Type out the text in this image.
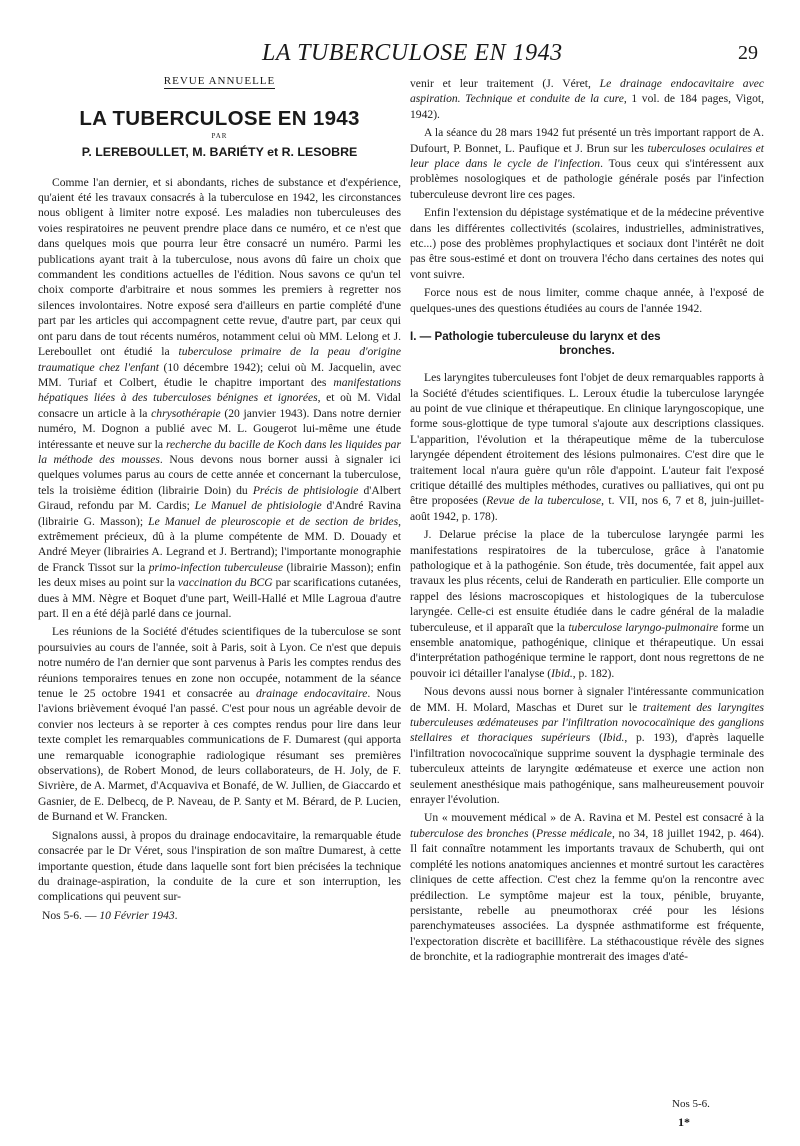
LA TUBERCULOSE EN 1943	29
REVUE ANNUELLE
LA TUBERCULOSE EN 1943
PAR
P. LEREBOULLET, M. BARIÉTY et R. LESOBRE

Comme l'an dernier, et si abondants, riches de substance et d'expérience, qu'aient été les travaux consacrés à la tuberculose en 1942, les circonstances nous obligent à limiter notre exposé. Les maladies non tuberculeuses des voies respiratoires ne peuvent prendre place dans ce numéro, et ce n'est que dans quelques mois que pourra leur être consacré un numéro. Parmi les publications ayant trait à la tuberculose, nous avons dû faire un choix que commandent les conditions actuelles de l'édition. Nous savons ce qu'un tel choix comporte d'arbitraire et nous sommes les premiers à regretter nos silences involontaires. Notre exposé sera d'ailleurs en partie complété d'une part par les articles qui accompagnent cette revue, d'autre part, par ceux qui ont paru dans de tout récents numéros, notamment celui où MM. Lelong et J. Lereboullet ont étudié la tuberculose primaire de la peau d'origine traumatique chez l'enfant (10 décembre 1942); celui où M. Jacquelin, avec MM. Turiaf et Colbert, étudie le chapitre important des manifestations hépatiques liées à des tuberculoses bénignes et ignorées, et où M. Vidal consacre un article à la chrysothérapie (20 janvier 1943). Dans notre dernier numéro, M. Dognon a publié avec M. L. Gougerot lui-même une étude intéressante et neuve sur la recherche du bacille de Koch dans les liquides par la méthode des mousses. Nous devons nous borner aussi à signaler ici quelques volumes parus au cours de cette année et concernant la tuberculose, tels la troisième édition (librairie Doin) du Précis de phtisiologie d'Albert Giraud, refondu par M. Cardis; Le Manuel de phtisiologie d'André Ravina (librairie G. Masson); Le Manuel de pleuroscopie et de section de brides, extrêmement précieux, dû à la plume compétente de MM. D. Douady et André Meyer (librairies A. Legrand et J. Bertrand); l'importante monographie de Franck Tissot sur la primo-infection tuberculeuse (librairie Masson); enfin les deux mises au point sur la vaccination du BCG par scarifications cutanées, dues à MM. Nègre et Boquet d'une part, Weill-Hallé et Mlle Lagroua d'autre part. Il en a été déjà parlé dans ce journal.

Les réunions de la Société d'études scientifiques de la tuberculose se sont poursuivies au cours de l'année, soit à Paris, soit à Lyon. Ce n'est que depuis notre numéro de l'an dernier que sont parvenus à Paris les comptes rendus des réunions temporaires tenues en zone non occupée, notamment de la séance tenue le 25 octobre 1941 et consacrée au drainage endocavitaire. Nous l'avions brièvement évoqué l'an passé. C'est pour nous un agréable devoir de convier nos lecteurs à se reporter à ces comptes rendus pour lire dans leur texte complet les remarquables communications de F. Dumarest (qui apporta une remarquable iconographie radiologique résumant ses premières observations), de Robert Monod, de leurs collaborateurs, de H. Joly, de F. Sivrière, de A. Marmet, d'Acquaviva et Bonafé, de W. Jullien, de Giaccardo et Gasnier, de E. Delbecq, de P. Naveau, de P. Santy et M. Bérard, de P. Lucien, de Burnand et W. Francken.

Signalons aussi, à propos du drainage endocavitaire, la remarquable étude consacrée par le Dr Véret, sous l'inspiration de son maître Dumarest, à cette importante question, étude dans laquelle sont fort bien précisées la technique du drainage-aspiration, la conduite de la cure et son interruption, les complications qui peuvent sur-

Nos 5-6. — 10 Février 1943.

venir et leur traitement (J. Véret, Le drainage endocavitaire avec aspiration. Technique et conduite de la cure, 1 vol. de 184 pages, Vigot, 1942).

A la séance du 28 mars 1942 fut présenté un très important rapport de A. Dufourt, P. Bonnet, L. Paufique et J. Brun sur les tuberculoses oculaires et leur place dans le cycle de l'infection. Tous ceux qui s'intéressent aux problèmes nosologiques et de pathologie générale posés par l'infection tuberculeuse devront lire ces pages.

Enfin l'extension du dépistage systématique et de la médecine préventive dans les différentes collectivités (scolaires, industrielles, administratives, etc...) pose des problèmes prophylactiques et sociaux dont l'intérêt ne doit pas être sous-estimé et dont on trouvera l'écho dans certaines des notes qui vont suivre.

Force nous est de nous limiter, comme chaque année, à l'exposé de quelques-unes des questions étudiées au cours de l'année 1942.

I. — Pathologie tuberculeuse du larynx et des
bronches.

Les laryngites tuberculeuses font l'objet de deux remarquables rapports à la Société d'études scientifiques. L. Leroux étudie la tuberculose laryngée au point de vue clinique et thérapeutique. En clinique laryngoscopique, une forme sous-glottique de type tumoral s'ajoute aux descriptions classiques. L'apparition, l'évolution et la thérapeutique même de la tuberculose laryngée dépendent étroitement des lésions pulmonaires. C'est dire que le traitement local n'aura guère qu'un rôle d'appoint. L'auteur fait l'exposé critique détaillé des multiples méthodes, curatives ou palliatives, qui ont pu être proposées (Revue de la tuberculose, t. VII, nos 6, 7 et 8, juin-juillet-août 1942, p. 178).

J. Delarue précise la place de la tuberculose laryngée parmi les manifestations respiratoires de la tuberculose, grâce à l'anatomie pathologique et à la pathogénie. Son étude, très documentée, fait appel aux travaux les plus récents, celui de Randerath en particulier. Elle comporte un rappel des lésions macroscopiques et histologiques de la tuberculose laryngée. Celle-ci est ensuite étudiée dans le cadre général de la maladie tuberculeuse, et il apparaît que la tuberculose laryngo-pulmonaire forme un ensemble anatomique, pathogénique, clinique et thérapeutique. Un essai d'interprétation pathogénique termine le rapport, dont nous regrettons de ne pouvoir ici détailler l'analyse (Ibid., p. 182).

Nous devons aussi nous borner à signaler l'intéressante communication de MM. H. Molard, Maschas et Duret sur le traitement des laryngites tuberculeuses œdémateuses par l'infiltration novococaïnique des ganglions stellaires et thoraciques supérieurs (Ibid., p. 193), d'après laquelle l'infiltration novococaïnique supprime souvent la dysphagie terminale des tuberculeux atteints de laryngite œdémateuse et exerce une action non seulement anesthésique mais pathogénique, sans malheureusement pouvoir enrayer l'évolution.

Un « mouvement médical » de A. Ravina et M. Pestel est consacré à la tuberculose des bronches (Presse médicale, no 34, 18 juillet 1942, p. 464). Il fait connaître notamment les importants travaux de Schuberth, qui ont complété les notions anatomiques anciennes et montré surtout les caractères cliniques de cette affection. C'est chez la femme qu'on la rencontre avec prédilection. Le symptôme majeur est la toux, pénible, bruyante, persistante, rebelle au pneumothorax créé pour les lésions parenchymateuses associées. La dyspnée asthmatiforme est fréquente, l'expectoration discrète et bacillifère. La stéthacoustique révèle des signes de bronchite, et la radiographie montrerait des images d'até-

Nos 5-6.
1*
